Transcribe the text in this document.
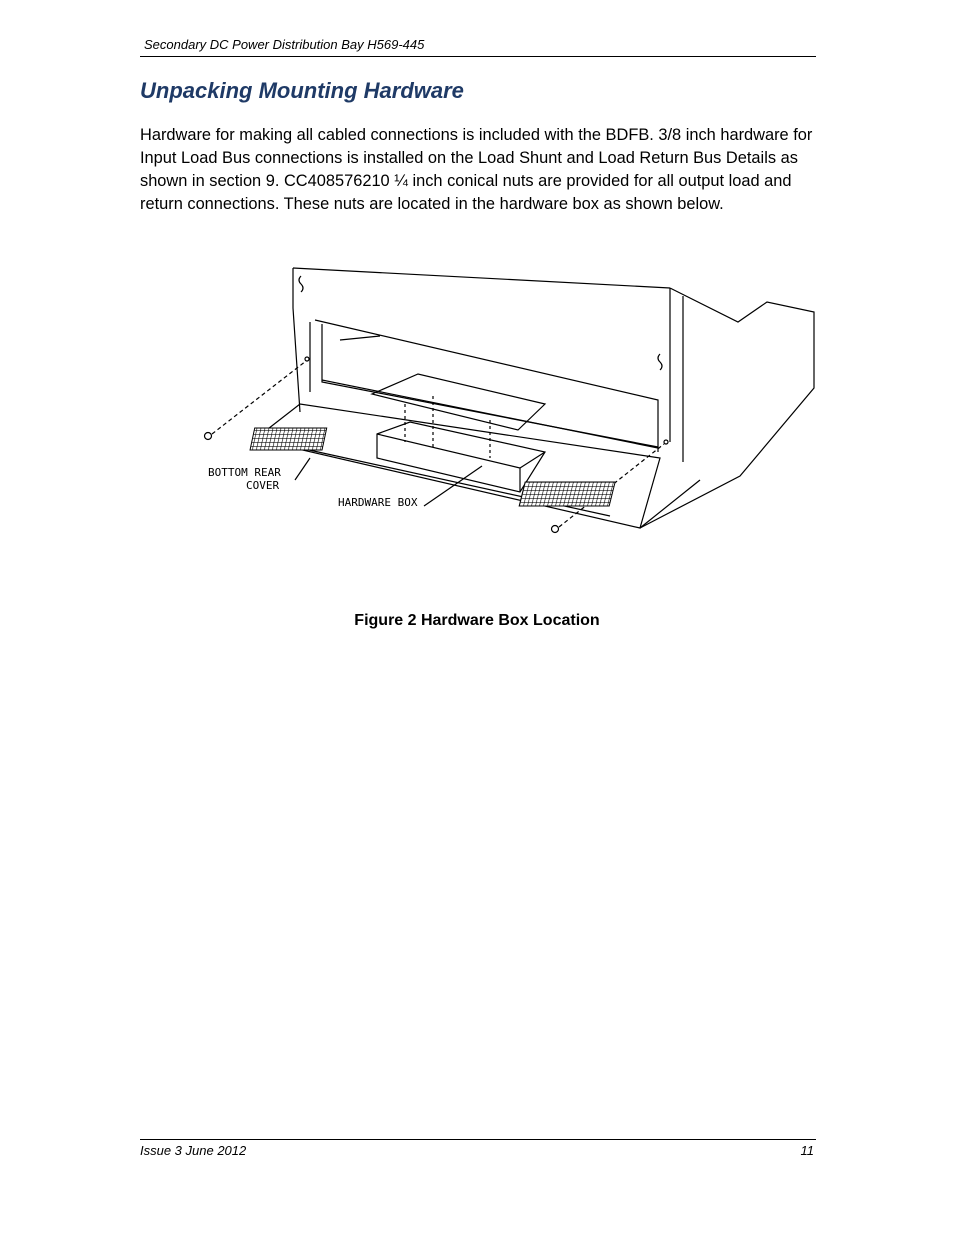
Secondary DC Power Distribution Bay H569-445
Unpacking Mounting Hardware

Hardware for making all cabled connections is included with the BDFB. 3/8 inch hardware for Input Load Bus connections is installed on the Load Shunt and Load Return Bus Details as shown in section 9. CC408576210 ¼ inch conical nuts are provided for all output load and return connections. These nuts are located in the hardware box as shown below.

BOTTOM REAR
COVER
HARDWARE BOX
Figure 2 Hardware Box Location
Issue 3 June 2012	11
